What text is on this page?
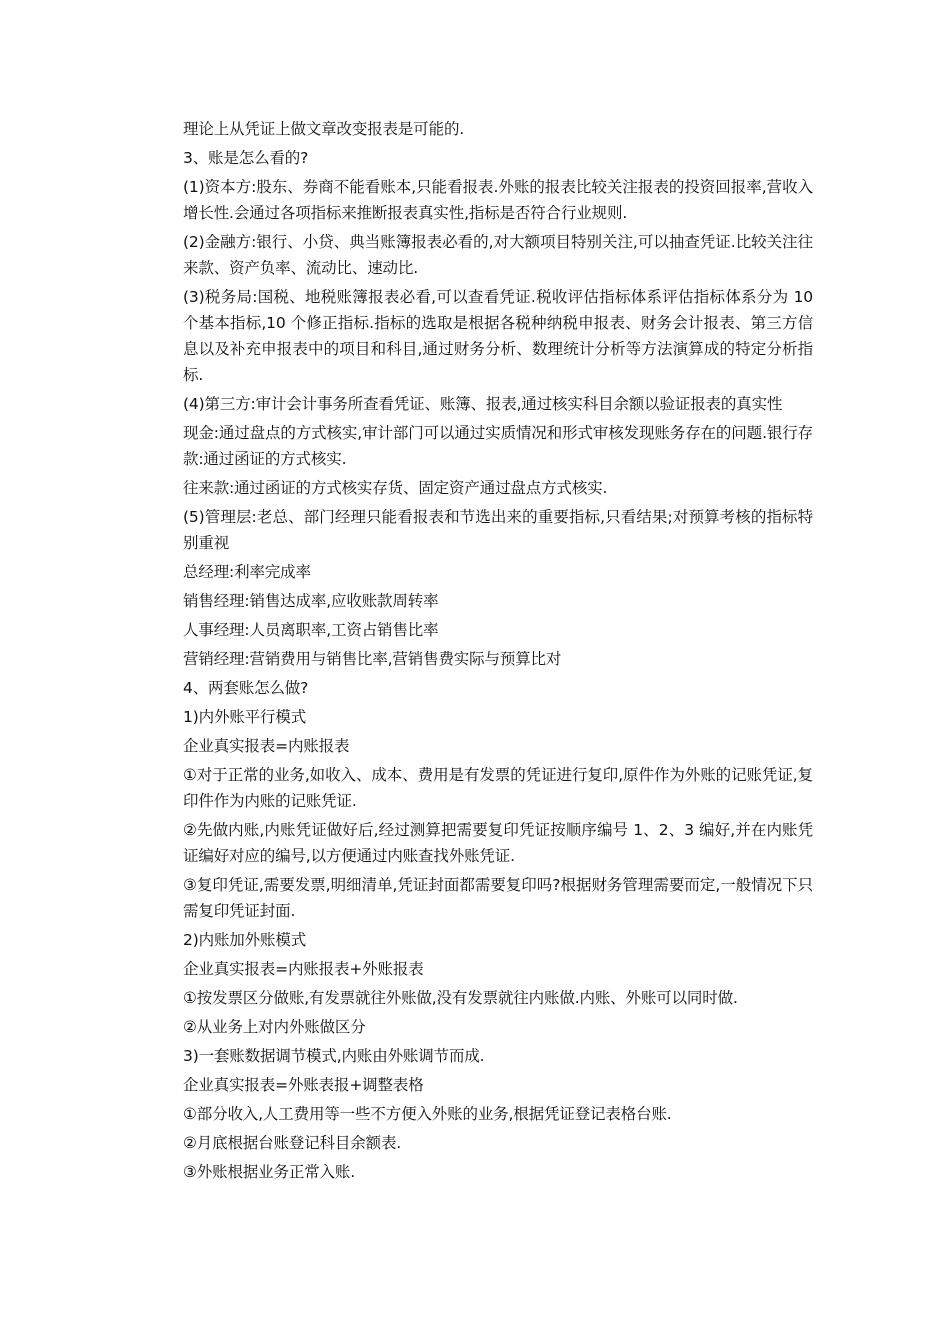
理论上从凭证上做文章改变报表是可能的.

3、账是怎么看的?

(1)资本方:股东、券商不能看账本,只能看报表.外账的报表比较关注报表的投资回报率,营收入增长性.会通过各项指标来推断报表真实性,指标是否符合行业规则.

(2)金融方:银行、小贷、典当账簿报表必看的,对大额项目特别关注,可以抽查凭证.比较关注往来款、资产负率、流动比、速动比.

(3)税务局:国税、地税账簿报表必看,可以查看凭证.税收评估指标体系评估指标体系分为 10 个基本指标,10 个修正指标.指标的选取是根据各税种纳税申报表、财务会计报表、第三方信息以及补充申报表中的项目和科目,通过财务分析、数理统计分析等方法演算成的特定分析指标.

(4)第三方:审计会计事务所查看凭证、账簿、报表,通过核实科目余额以验证报表的真实性

现金:通过盘点的方式核实,审计部门可以通过实质情况和形式审核发现账务存在的问题.银行存款:通过函证的方式核实.

往来款:通过函证的方式核实存货、固定资产通过盘点方式核实.

(5)管理层:老总、部门经理只能看报表和节选出来的重要指标,只看结果;对预算考核的指标特别重视

总经理:利率完成率

销售经理:销售达成率,应收账款周转率

人事经理:人员离职率,工资占销售比率

营销经理:营销费用与销售比率,营销售费实际与预算比对

4、两套账怎么做?

1)内外账平行模式

企业真实报表=内账报表

①对于正常的业务,如收入、成本、费用是有发票的凭证进行复印,原件作为外账的记账凭证,复印件作为内账的记账凭证.

②先做内账,内账凭证做好后,经过测算把需要复印凭证按顺序编号 1、2、3 编好,并在内账凭证编好对应的编号,以方便通过内账查找外账凭证.

③复印凭证,需要发票,明细清单,凭证封面都需要复印吗?根据财务管理需要而定,一般情况下只需复印凭证封面.

2)内账加外账模式

企业真实报表=内账报表+外账报表

①按发票区分做账,有发票就往外账做,没有发票就往内账做.内账、外账可以同时做.

②从业务上对内外账做区分

3)一套账数据调节模式,内账由外账调节而成.

企业真实报表=外账表报+调整表格

①部分收入,人工费用等一些不方便入外账的业务,根据凭证登记表格台账.

②月底根据台账登记科目余额表.

③外账根据业务正常入账.
